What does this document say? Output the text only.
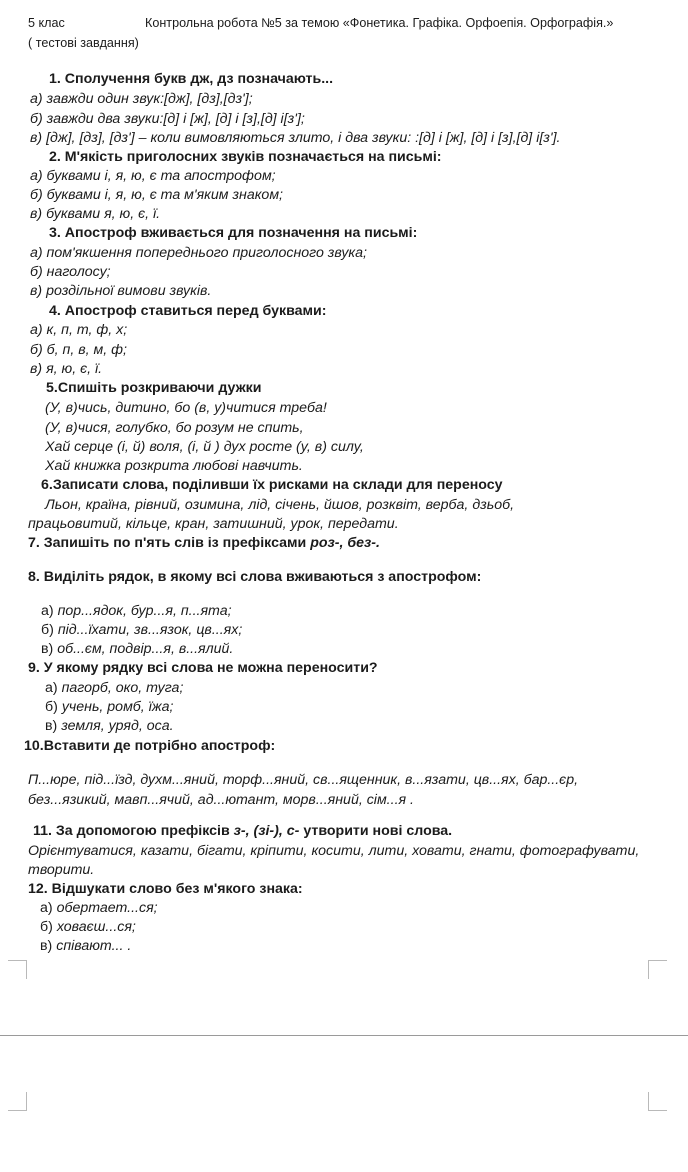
5 клас	Контрольна робота №5 за темою «Фонетика. Графіка. Орфоепія. Орфографія.»
( тестові завдання)
1. Сполучення букв дж, дз позначають...
а) завжди один звук:[дж], [дз],[дз'];
б) завжди два звуки:[д] і [ж], [д] і [з],[д] і[з'];
в) [дж], [дз], [дз'] – коли вимовляються злито, і два звуки: :[д] і [ж], [д] і [з],[д] і[з'].
2. М'якість приголосних звуків позначається на письмі:
а) буквами і, я, ю, є та апострофом;
б) буквами і, я, ю, є та м'яким знаком;
в) буквами я, ю, є, ї.
3. Апостроф вживається для позначення на письмі:
а) пом'якшення попереднього приголосного звука;
б) наголосу;
в) роздільної вимови звуків.
4. Апостроф ставиться перед буквами:
а) к, п, т, ф, х;
б) б, п, в, м, ф;
в) я, ю, є, ї.
5.Спишіть розкриваючи дужки
(У, в)чись, дитино, бо (в, у)читися треба!
(У, в)чися, голубко, бо розум не спить,
Хай серце (і, й) воля, (і, й ) дух росте (у, в) силу,
Хай книжка розкрита любові навчить.
6.Записати слова, поділивши їх рисками на склади для переносу
Льон, країна, рівний, озимина, лід, січень, йшов, розквіт, верба, дзьоб,
працьовитий, кільце, кран, затишний, урок, передати.
7. Запишіть по п'ять слів із префіксами роз-, без-.
8. Виділіть рядок, в якому всі слова вживаються з апострофом:
а) пор...ядок, бур...я, п...ята;
б) під...їхати, зв...язок, цв...ях;
в) об...єм, подвір...я, в...ялий.
9. У якому рядку всі слова не можна переносити?
а) пагорб, око, туга;
б) учень, ромб, їжа;
в) земля, уряд, оса.
10.Вставити де потрібно апостроф:
П...юре, під...їзд, духм...яний, торф...яний, св...ященник, в...язати, цв...ях, бар...єр,
без...язикий, мавп...ячий, ад...ютант, морв...яний, сім...я .
11. За допомогою префіксів з-, (зі-), с- утворити нові слова.
Орієнтуватися, казати, бігати, кріпити, косити, лити, ховати, гнати, фотографувати,
творити.
12. Відшукати слово без м'якого знака:
а) обертает...ся;
б) ховаєш...ся;
в) співают... .
